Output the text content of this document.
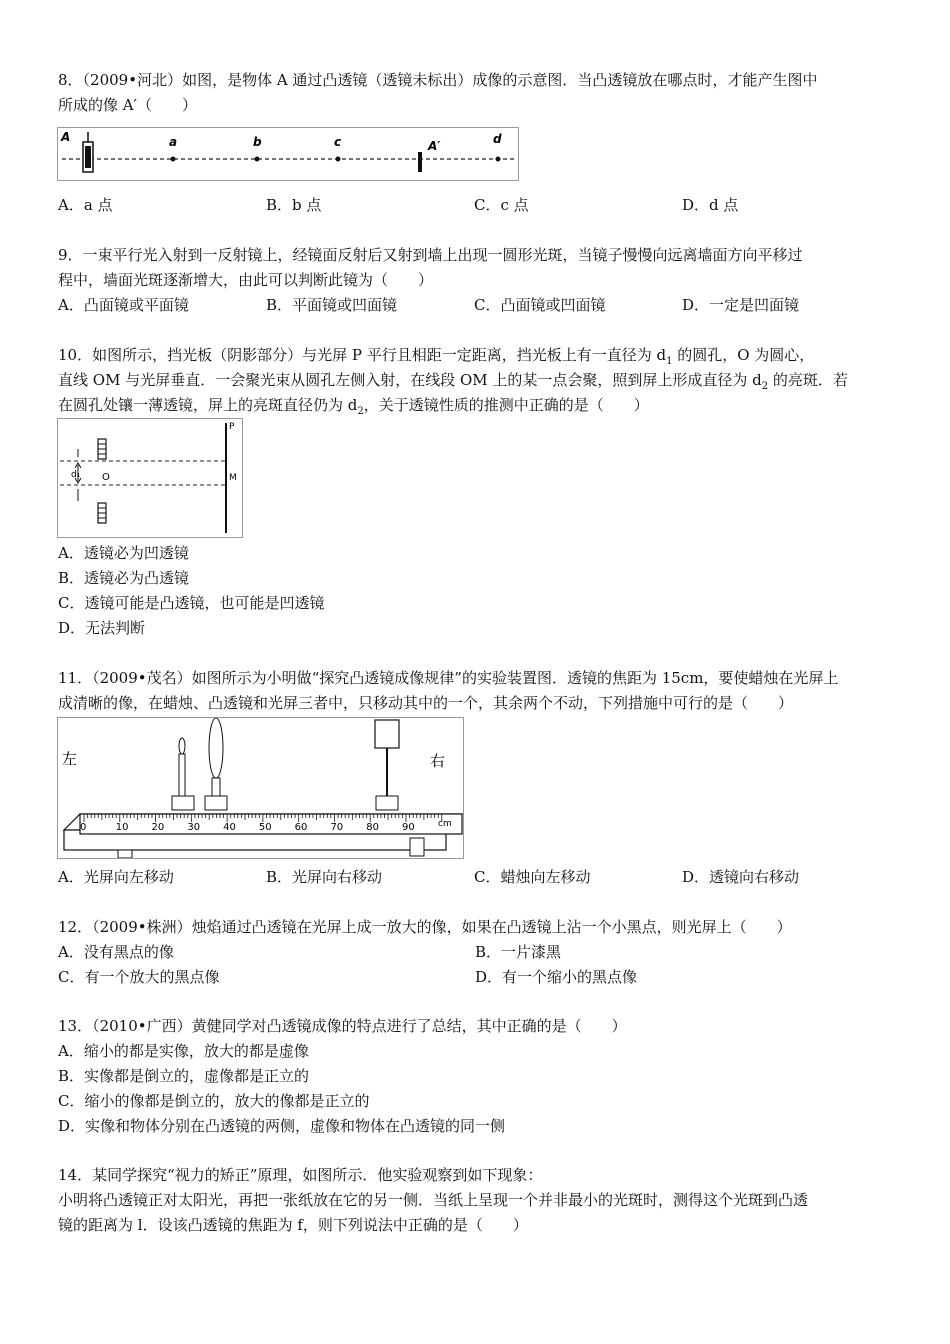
8．（2009•河北）如图，是物体 A 通过凸透镜（透镜未标出）成像的示意图．当凸透镜放在哪点时，才能产生图中
所成的像 A′（　　）
A	a	b	c	A′	d
A．a 点	B．b 点	C．c 点	D．d 点
9．一束平行光入射到一反射镜上，经镜面反射后又射到墙上出现一圆形光斑，当镜子慢慢向远离墙面方向平移过
程中，墙面光斑逐渐增大，由此可以判断此镜为（　　）
A．凸面镜或平面镜	B．平面镜或凹面镜	C．凸面镜或凹面镜	D．一定是凹面镜
10．如图所示，挡光板（阴影部分）与光屏 P 平行且相距一定距离，挡光板上有一直径为 $d_1$ 的圆孔，O 为圆心，
直线 OM 与光屏垂直．一会聚光束从圆孔左侧入射，在线段 OM 上的某一点会聚，照到屏上形成直径为 $d_2$ 的亮斑．若
在圆孔处镶一薄透镜，屏上的亮斑直径仍为 $d_2$，关于透镜性质的推测中正确的是（　　）
d₁ O
P
M
A．透镜必为凹透镜
B．透镜必为凸透镜
C．透镜可能是凸透镜，也可能是凹透镜
D．无法判断
11．（2009•茂名）如图所示为小明做“探究凸透镜成像规律”的实验装置图．透镜的焦距为 15cm，要使蜡烛在光屏上
成清晰的像，在蜡烛、凸透镜和光屏三者中，只移动其中的一个，其余两个不动，下列措施中可行的是（　　）
左	右
0	10 20 30 40 50 60 70 80 90	cm
A．光屏向左移动	B．光屏向右移动	C．蜡烛向左移动	D．透镜向右移动
12．（2009•株洲）烛焰通过凸透镜在光屏上成一放大的像，如果在凸透镜上沾一个小黑点，则光屏上（　　）
A．没有黑点的像	B．一片漆黑
C．有一个放大的黑点像	D．有一个缩小的黑点像
13．（2010•广西）黄健同学对凸透镜成像的特点进行了总结，其中正确的是（　　）
A．缩小的都是实像，放大的都是虚像
B．实像都是倒立的，虚像都是正立的
C．缩小的像都是倒立的，放大的像都是正立的
D．实像和物体分别在凸透镜的两侧，虚像和物体在凸透镜的同一侧
14．某同学探究“视力的矫正”原理，如图所示．他实验观察到如下现象：
小明将凸透镜正对太阳光，再把一张纸放在它的另一侧．当纸上呈现一个并非最小的光斑时，测得这个光斑到凸透
镜的距离为 l．设该凸透镜的焦距为 f，则下列说法中正确的是（　　）
